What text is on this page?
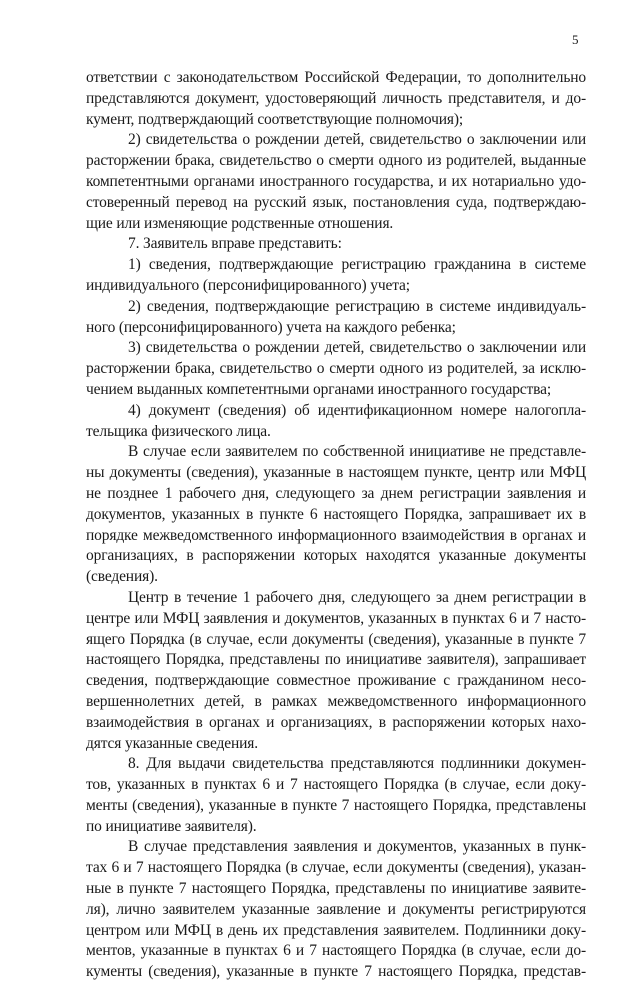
5
ответствии с законодательством Российской Федерации, то дополнительно
представляются документ, удостоверяющий личность представителя, и до-
кумент, подтверждающий соответствующие полномочия);
2) свидетельства о рождении детей, свидетельство о заключении или
расторжении брака, свидетельство о смерти одного из родителей, выданные
компетентными органами иностранного государства, и их нотариально удо-
стоверенный перевод на русский язык, постановления суда, подтверждаю-
щие или изменяющие родственные отношения.
7. Заявитель вправе представить:
1) сведения, подтверждающие регистрацию гражданина в системе
индивидуального (персонифицированного) учета;
2) сведения, подтверждающие регистрацию в системе индивидуаль-
ного (персонифицированного) учета на каждого ребенка;
3) свидетельства о рождении детей, свидетельство о заключении или
расторжении брака, свидетельство о смерти одного из родителей, за исклю-
чением выданных компетентными органами иностранного государства;
4) документ (сведения) об идентификационном номере налогопла-
тельщика физического лица.
В случае если заявителем по собственной инициативе не представле-
ны документы (сведения), указанные в настоящем пункте, центр или МФЦ
не позднее 1 рабочего дня, следующего за днем регистрации заявления и
документов, указанных в пункте 6 настоящего Порядка, запрашивает их в
порядке межведомственного информационного взаимодействия в органах и
организациях, в распоряжении которых находятся указанные документы
(сведения).
Центр в течение 1 рабочего дня, следующего за днем регистрации в
центре или МФЦ заявления и документов, указанных в пунктах 6 и 7 насто-
ящего Порядка (в случае, если документы (сведения), указанные в пункте 7
настоящего Порядка, представлены по инициативе заявителя), запрашивает
сведения, подтверждающие совместное проживание с гражданином несо-
вершеннолетних детей, в рамках межведомственного информационного
взаимодействия в органах и организациях, в распоряжении которых нахо-
дятся указанные сведения.
8. Для выдачи свидетельства представляются подлинники докумен-
тов, указанных в пунктах 6 и 7 настоящего Порядка (в случае, если доку-
менты (сведения), указанные в пункте 7 настоящего Порядка, представлены
по инициативе заявителя).
В случае представления заявления и документов, указанных в пунк-
тах 6 и 7 настоящего Порядка (в случае, если документы (сведения), указан-
ные в пункте 7 настоящего Порядка, представлены по инициативе заявите-
ля), лично заявителем указанные заявление и документы регистрируются
центром или МФЦ в день их представления заявителем. Подлинники доку-
ментов, указанные в пунктах 6 и 7 настоящего Порядка (в случае, если до-
кументы (сведения), указанные в пункте 7 настоящего Порядка, представ-
